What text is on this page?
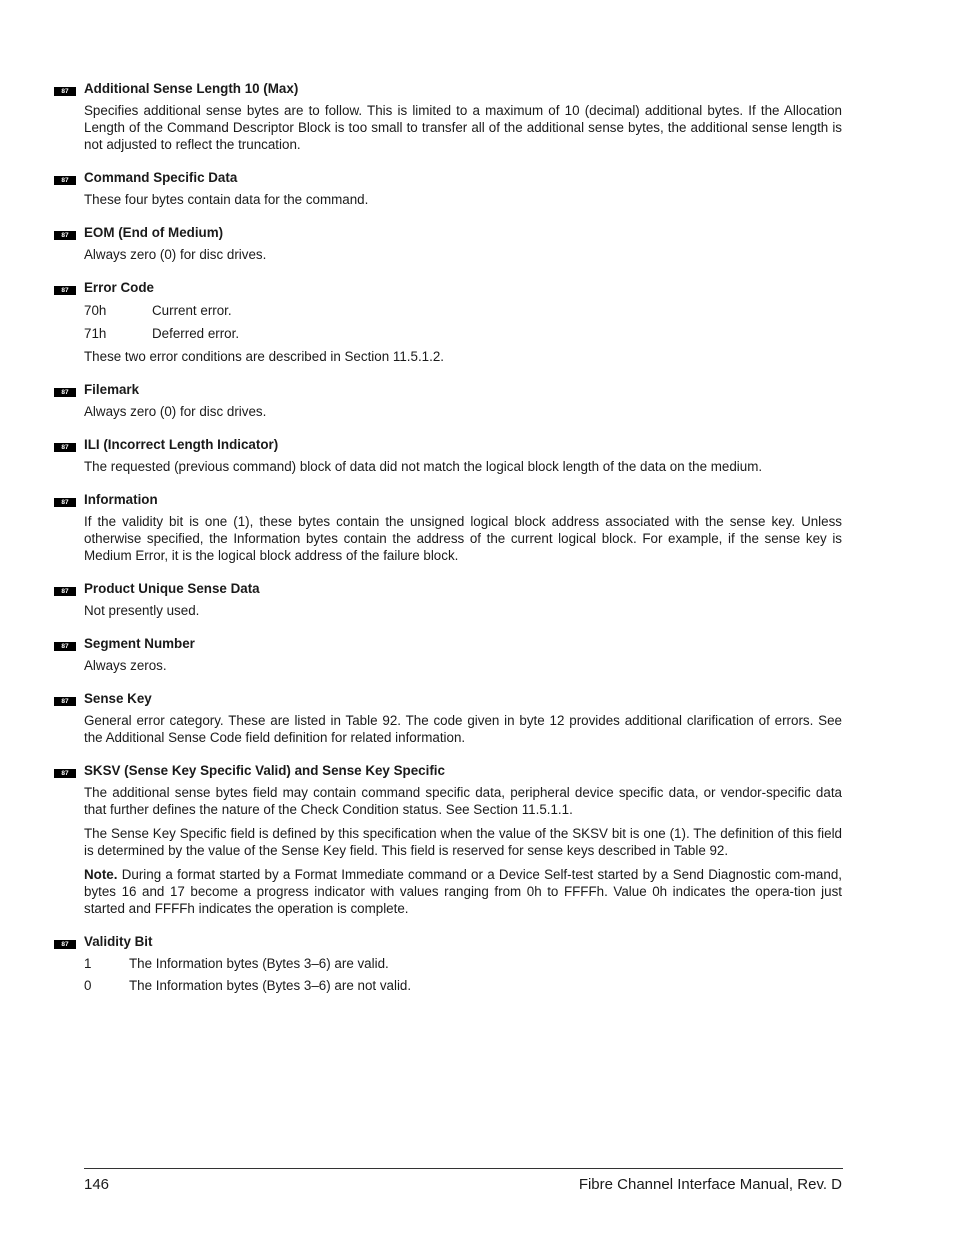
87	Additional Sense Length 10 (Max)

Specifies additional sense bytes are to follow. This is limited to a maximum of 10 (decimal) additional bytes. If the Allocation Length of the Command Descriptor Block is too small to transfer all of the additional sense bytes, the additional sense length is not adjusted to reflect the truncation.

87	Command Specific Data

These four bytes contain data for the command.

87	EOM (End of Medium)

Always zero (0) for disc drives.

87	Error Code
70h	Current error.
71h	Deferred error.

These two error conditions are described in Section 11.5.1.2.

87	Filemark

Always zero (0) for disc drives.

87	ILI (Incorrect Length Indicator)

The requested (previous command) block of data did not match the logical block length of the data on the medium.

87	Information

If the validity bit is one (1), these bytes contain the unsigned logical block address associated with the sense key. Unless otherwise specified, the Information bytes contain the address of the current logical block. For example, if the sense key is Medium Error, it is the logical block address of the failure block.

87	Product Unique Sense Data

Not presently used.

87	Segment Number

Always zeros.

87	Sense Key

General error category. These are listed in Table 92. The code given in byte 12 provides additional clarification of errors. See the Additional Sense Code field definition for related information.

87	SKSV (Sense Key Specific Valid) and Sense Key Specific

The additional sense bytes field may contain command specific data, peripheral device specific data, or vendor-specific data that further defines the nature of the Check Condition status. See Section 11.5.1.1.

The Sense Key Specific field is defined by this specification when the value of the SKSV bit is one (1). The definition of this field is determined by the value of the Sense Key field. This field is reserved for sense keys described in Table 92.

Note. During a format started by a Format Immediate command or a Device Self-test started by a Send Diagnostic com-mand, bytes 16 and 17 become a progress indicator with values ranging from 0h to FFFFh. Value 0h indicates the opera-tion just started and FFFFh indicates the operation is complete.

87	Validity Bit
1	The Information bytes (Bytes 3–6) are valid.
0	The Information bytes (Bytes 3–6) are not valid.
146	Fibre Channel Interface Manual, Rev. D
